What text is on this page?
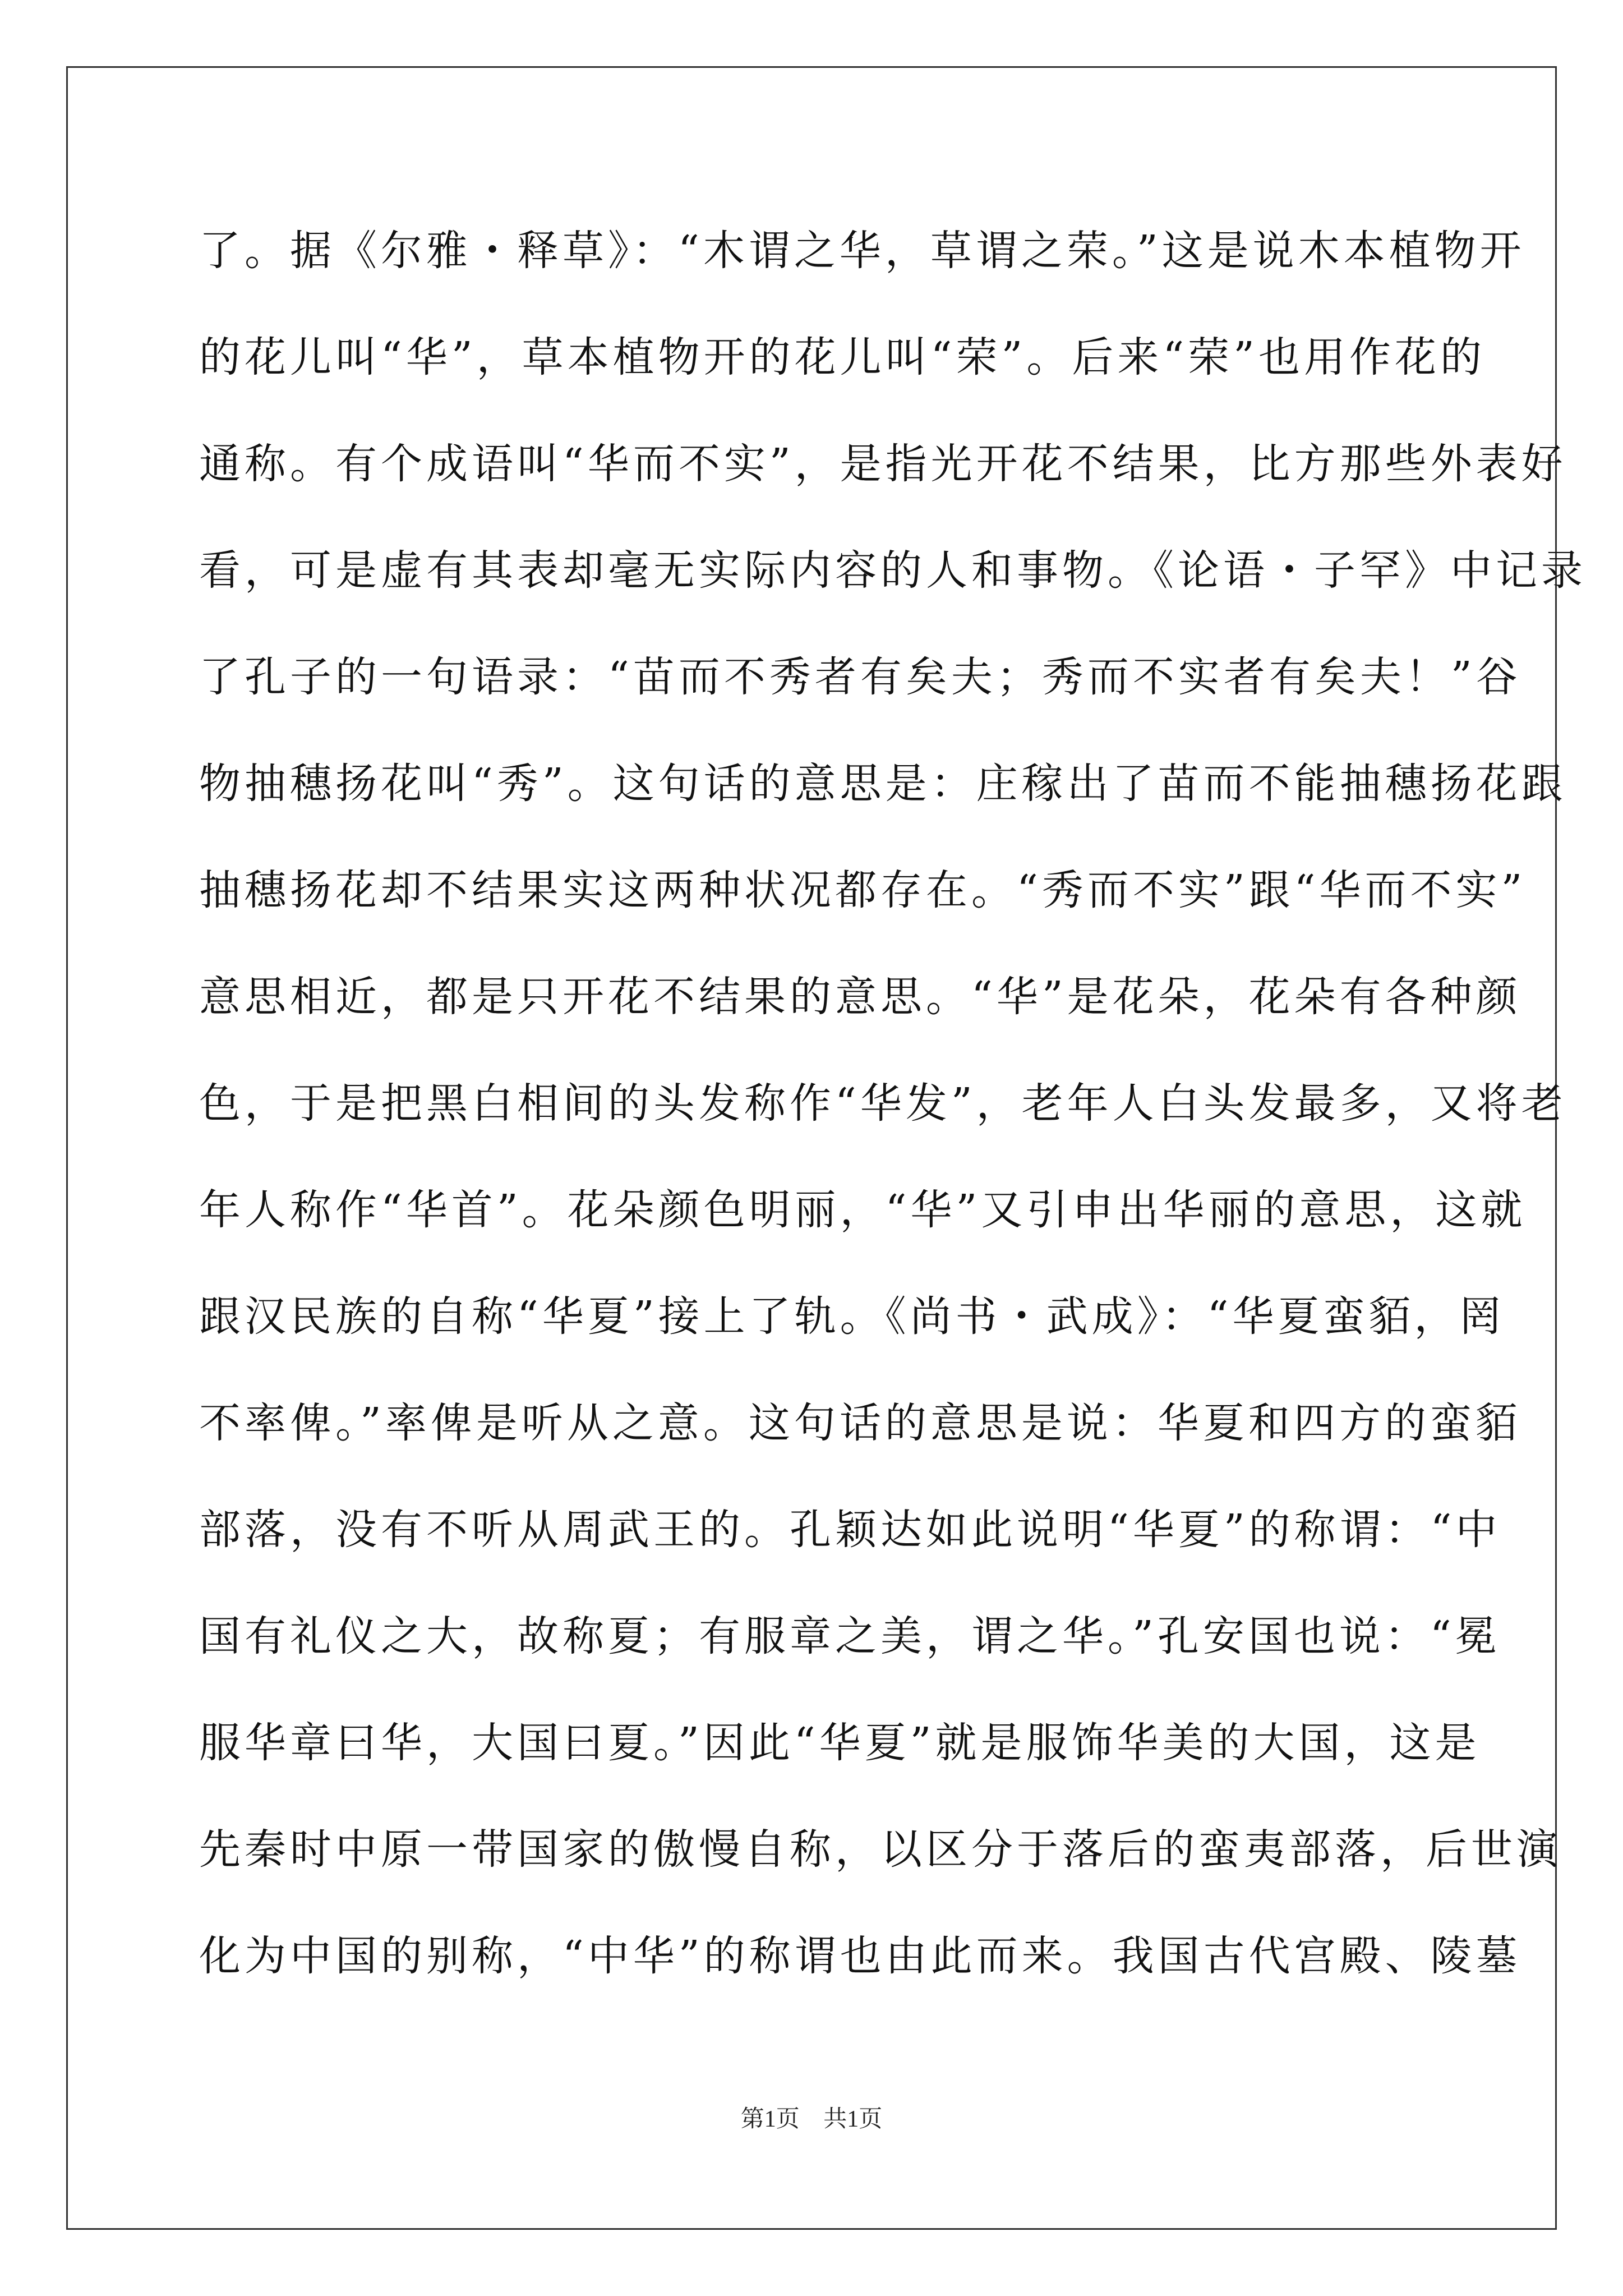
了。据《尔雅・释草》：“木谓之华，草谓之荣。”这是说木本植物开
的花儿叫“华”，草本植物开的花儿叫“荣”。后来“荣”也用作花的
通称。有个成语叫“华而不实”，是指光开花不结果，比方那些外表好
看，可是虚有其表却毫无实际内容的人和事物。《论语・子罕》中记录
了孔子的一句语录：“苗而不秀者有矣夫；秀而不实者有矣夫！”谷
物抽穗扬花叫“秀”。这句话的意思是：庄稼出了苗而不能抽穗扬花跟
抽穗扬花却不结果实这两种状况都存在。“秀而不实”跟“华而不实”
意思相近，都是只开花不结果的意思。“华”是花朵，花朵有各种颜
色，于是把黑白相间的头发称作“华发”，老年人白头发最多，又将老
年人称作“华首”。花朵颜色明丽，“华”又引申出华丽的意思，这就
跟汉民族的自称“华夏”接上了轨。《尚书・武成》：“华夏蛮貊，罔
不率俾。”率俾是听从之意。这句话的意思是说：华夏和四方的蛮貊
部落，没有不听从周武王的。孔颖达如此说明“华夏”的称谓：“中
国有礼仪之大，故称夏；有服章之美，谓之华。”孔安国也说：“冕
服华章曰华，大国曰夏。”因此“华夏”就是服饰华美的大国，这是
先秦时中原一带国家的傲慢自称，以区分于落后的蛮夷部落，后世演
化为中国的别称，“中华”的称谓也由此而来。我国古代宫殿、陵墓
第1页 共1页
